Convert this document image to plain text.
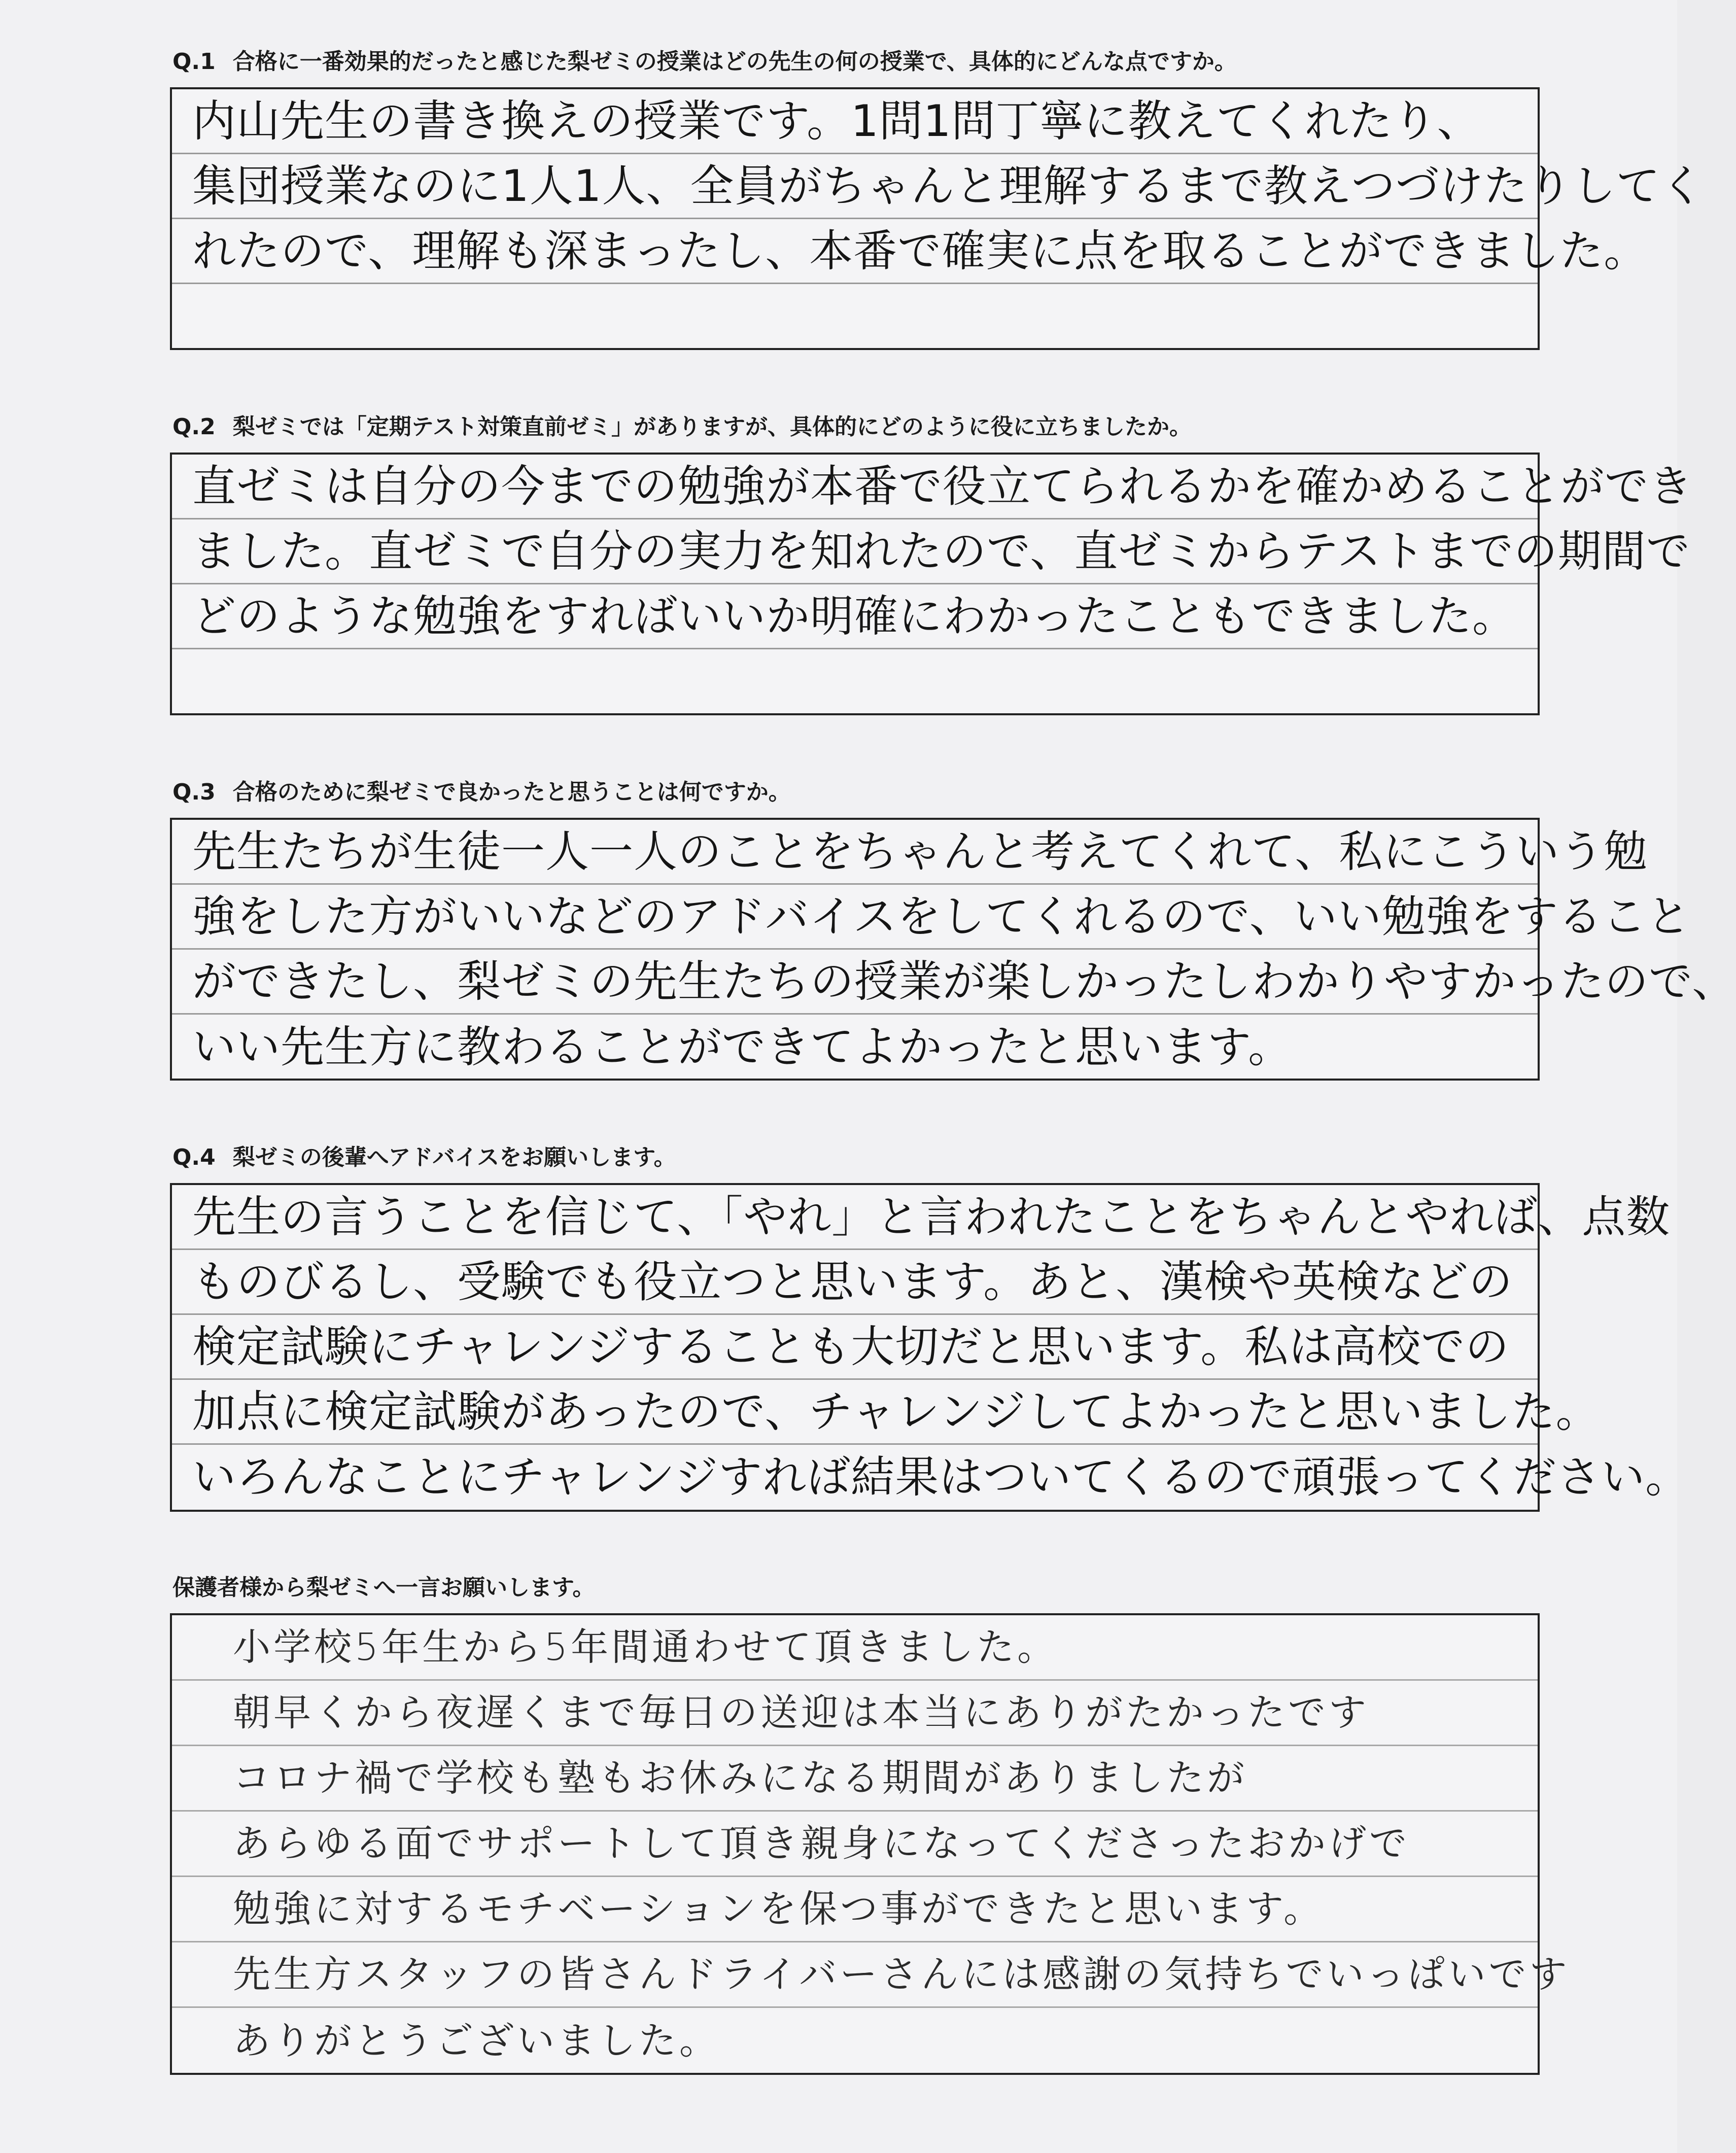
Q.1 合格に一番効果的だったと感じた梨ゼミの授業はどの先生の何の授業で、具体的にどんな点ですか。
内山先生の書き換えの授業です。1問1問丁寧に教えてくれたり、
集団授業なのに1人1人、全員がちゃんと理解するまで教えつづけたりしてく
れたので、理解も深まったし、本番で確実に点を取ることができました。
Q.2 梨ゼミでは「定期テスト対策直前ゼミ」がありますが、具体的にどのように役に立ちましたか。
直ゼミは自分の今までの勉強が本番で役立てられるかを確かめることができ
ました。直ゼミで自分の実力を知れたので、直ゼミからテストまでの期間で
どのような勉強をすればいいか明確にわかったこともできました。
Q.3 合格のために梨ゼミで良かったと思うことは何ですか。
先生たちが生徒一人一人のことをちゃんと考えてくれて、私にこういう勉
強をした方がいいなどのアドバイスをしてくれるので、いい勉強をすること
ができたし、梨ゼミの先生たちの授業が楽しかったしわかりやすかったので、
いい先生方に教わることができてよかったと思います。
Q.4 梨ゼミの後輩へアドバイスをお願いします。
先生の言うことを信じて、「やれ」と言われたことをちゃんとやれば、点数
ものびるし、受験でも役立つと思います。あと、漢検や英検などの
検定試験にチャレンジすることも大切だと思います。私は高校での
加点に検定試験があったので、チャレンジしてよかったと思いました。
いろんなことにチャレンジすれば結果はついてくるので頑張ってください。
保護者様から梨ゼミへ一言お願いします。
小学校5年生から5年間通わせて頂きました。
朝早くから夜遅くまで毎日の送迎は本当にありがたかったです
コロナ禍で学校も塾もお休みになる期間がありましたが
あらゆる面でサポートして頂き親身になってくださったおかげで
勉強に対するモチベーションを保つ事ができたと思います。
先生方スタッフの皆さんドライバーさんには感謝の気持ちでいっぱいです
ありがとうございました。
